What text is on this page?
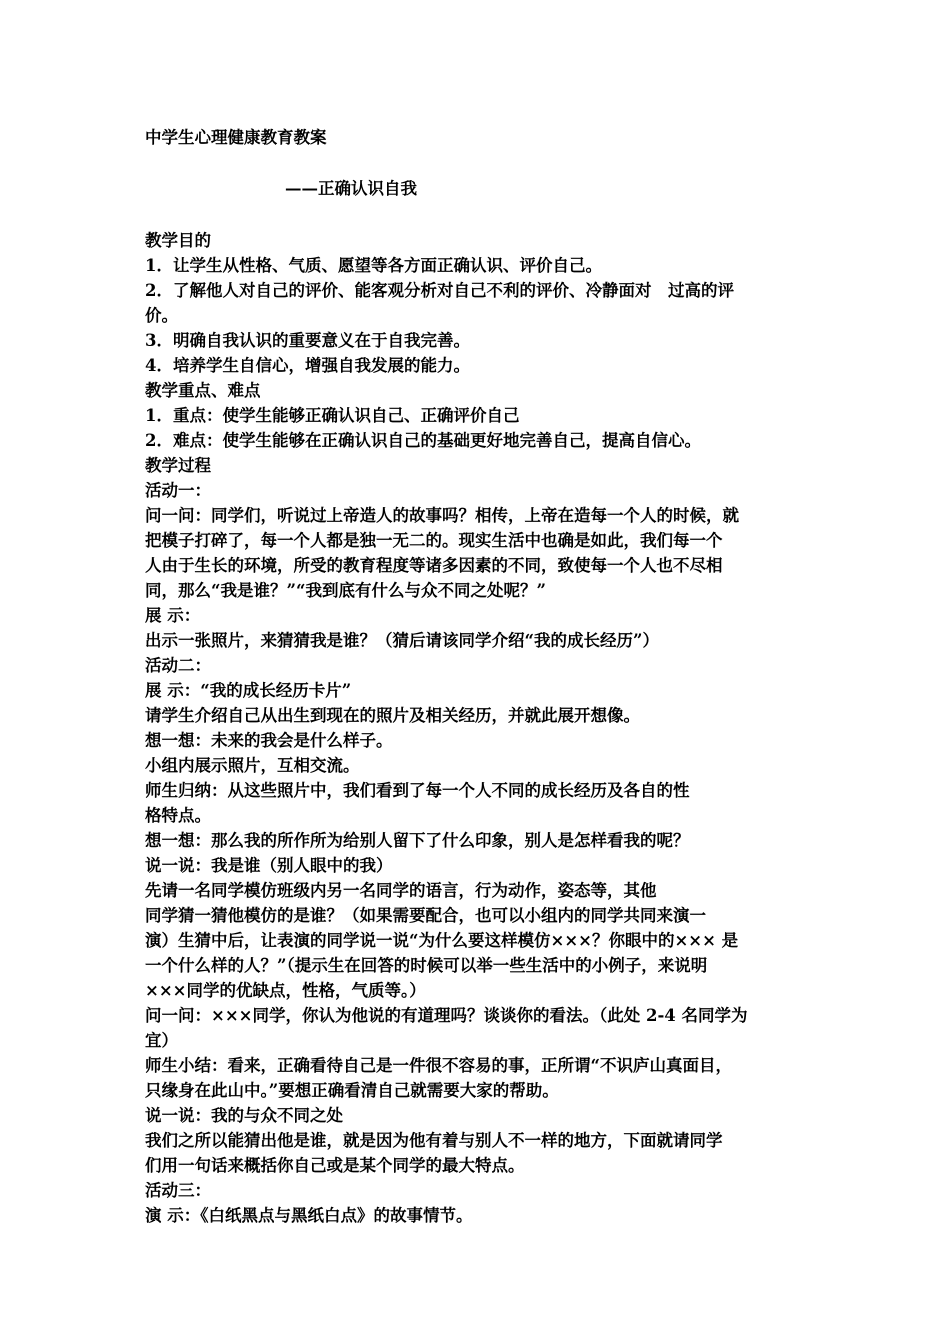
中学生心理健康教育教案
——正确认识自我
教学目的
1．让学生从性格、气质、愿望等各方面正确认识、评价自己。
2．了解他人对自己的评价、能客观分析对自己不利的评价、冷静面对　过高的评
价。
3．明确自我认识的重要意义在于自我完善。
4．培养学生自信心，增强自我发展的能力。
教学重点、难点
1．重点：使学生能够正确认识自己、正确评价自己
2．难点：使学生能够在正确认识自己的基础更好地完善自己，提高自信心。
教学过程
活动一：
问一问：同学们，听说过上帝造人的故事吗？相传，上帝在造每一个人的时候，就
把模子打碎了，每一个人都是独一无二的。现实生活中也确是如此，我们每一个
人由于生长的环境，所受的教育程度等诸多因素的不同，致使每一个人也不尽相
同，那么“我是谁？”“我到底有什么与众不同之处呢？”
展 示：
出示一张照片，来猜猜我是谁？（猜后请该同学介绍“我的成长经历”）
活动二：
展 示：“我的成长经历卡片”
请学生介绍自己从出生到现在的照片及相关经历，并就此展开想像。
想一想：未来的我会是什么样子。
小组内展示照片，互相交流。
师生归纳：从这些照片中，我们看到了每一个人不同的成长经历及各自的性
格特点。
想一想：那么我的所作所为给别人留下了什么印象，别人是怎样看我的呢？
说一说：我是谁（别人眼中的我）
先请一名同学模仿班级内另一名同学的语言，行为动作，姿态等，其他
同学猜一猜他模仿的是谁？（如果需要配合，也可以小组内的同学共同来演一
演）生猜中后，让表演的同学说一说“为什么要这样模仿×××？你眼中的××× 是
一个什么样的人？”（提示生在回答的时候可以举一些生活中的小例子，来说明
×××同学的优缺点，性格，气质等。）
问一问：×××同学，你认为他说的有道理吗？谈谈你的看法。（此处 2-4 名同学为
宜）
师生小结：看来，正确看待自己是一件很不容易的事，正所谓“不识庐山真面目，
只缘身在此山中。”要想正确看清自己就需要大家的帮助。
说一说：我的与众不同之处
我们之所以能猜出他是谁，就是因为他有着与别人不一样的地方，下面就请同学
们用一句话来概括你自己或是某个同学的最大特点。
活动三：
演 示：《白纸黑点与黑纸白点》的故事情节。
